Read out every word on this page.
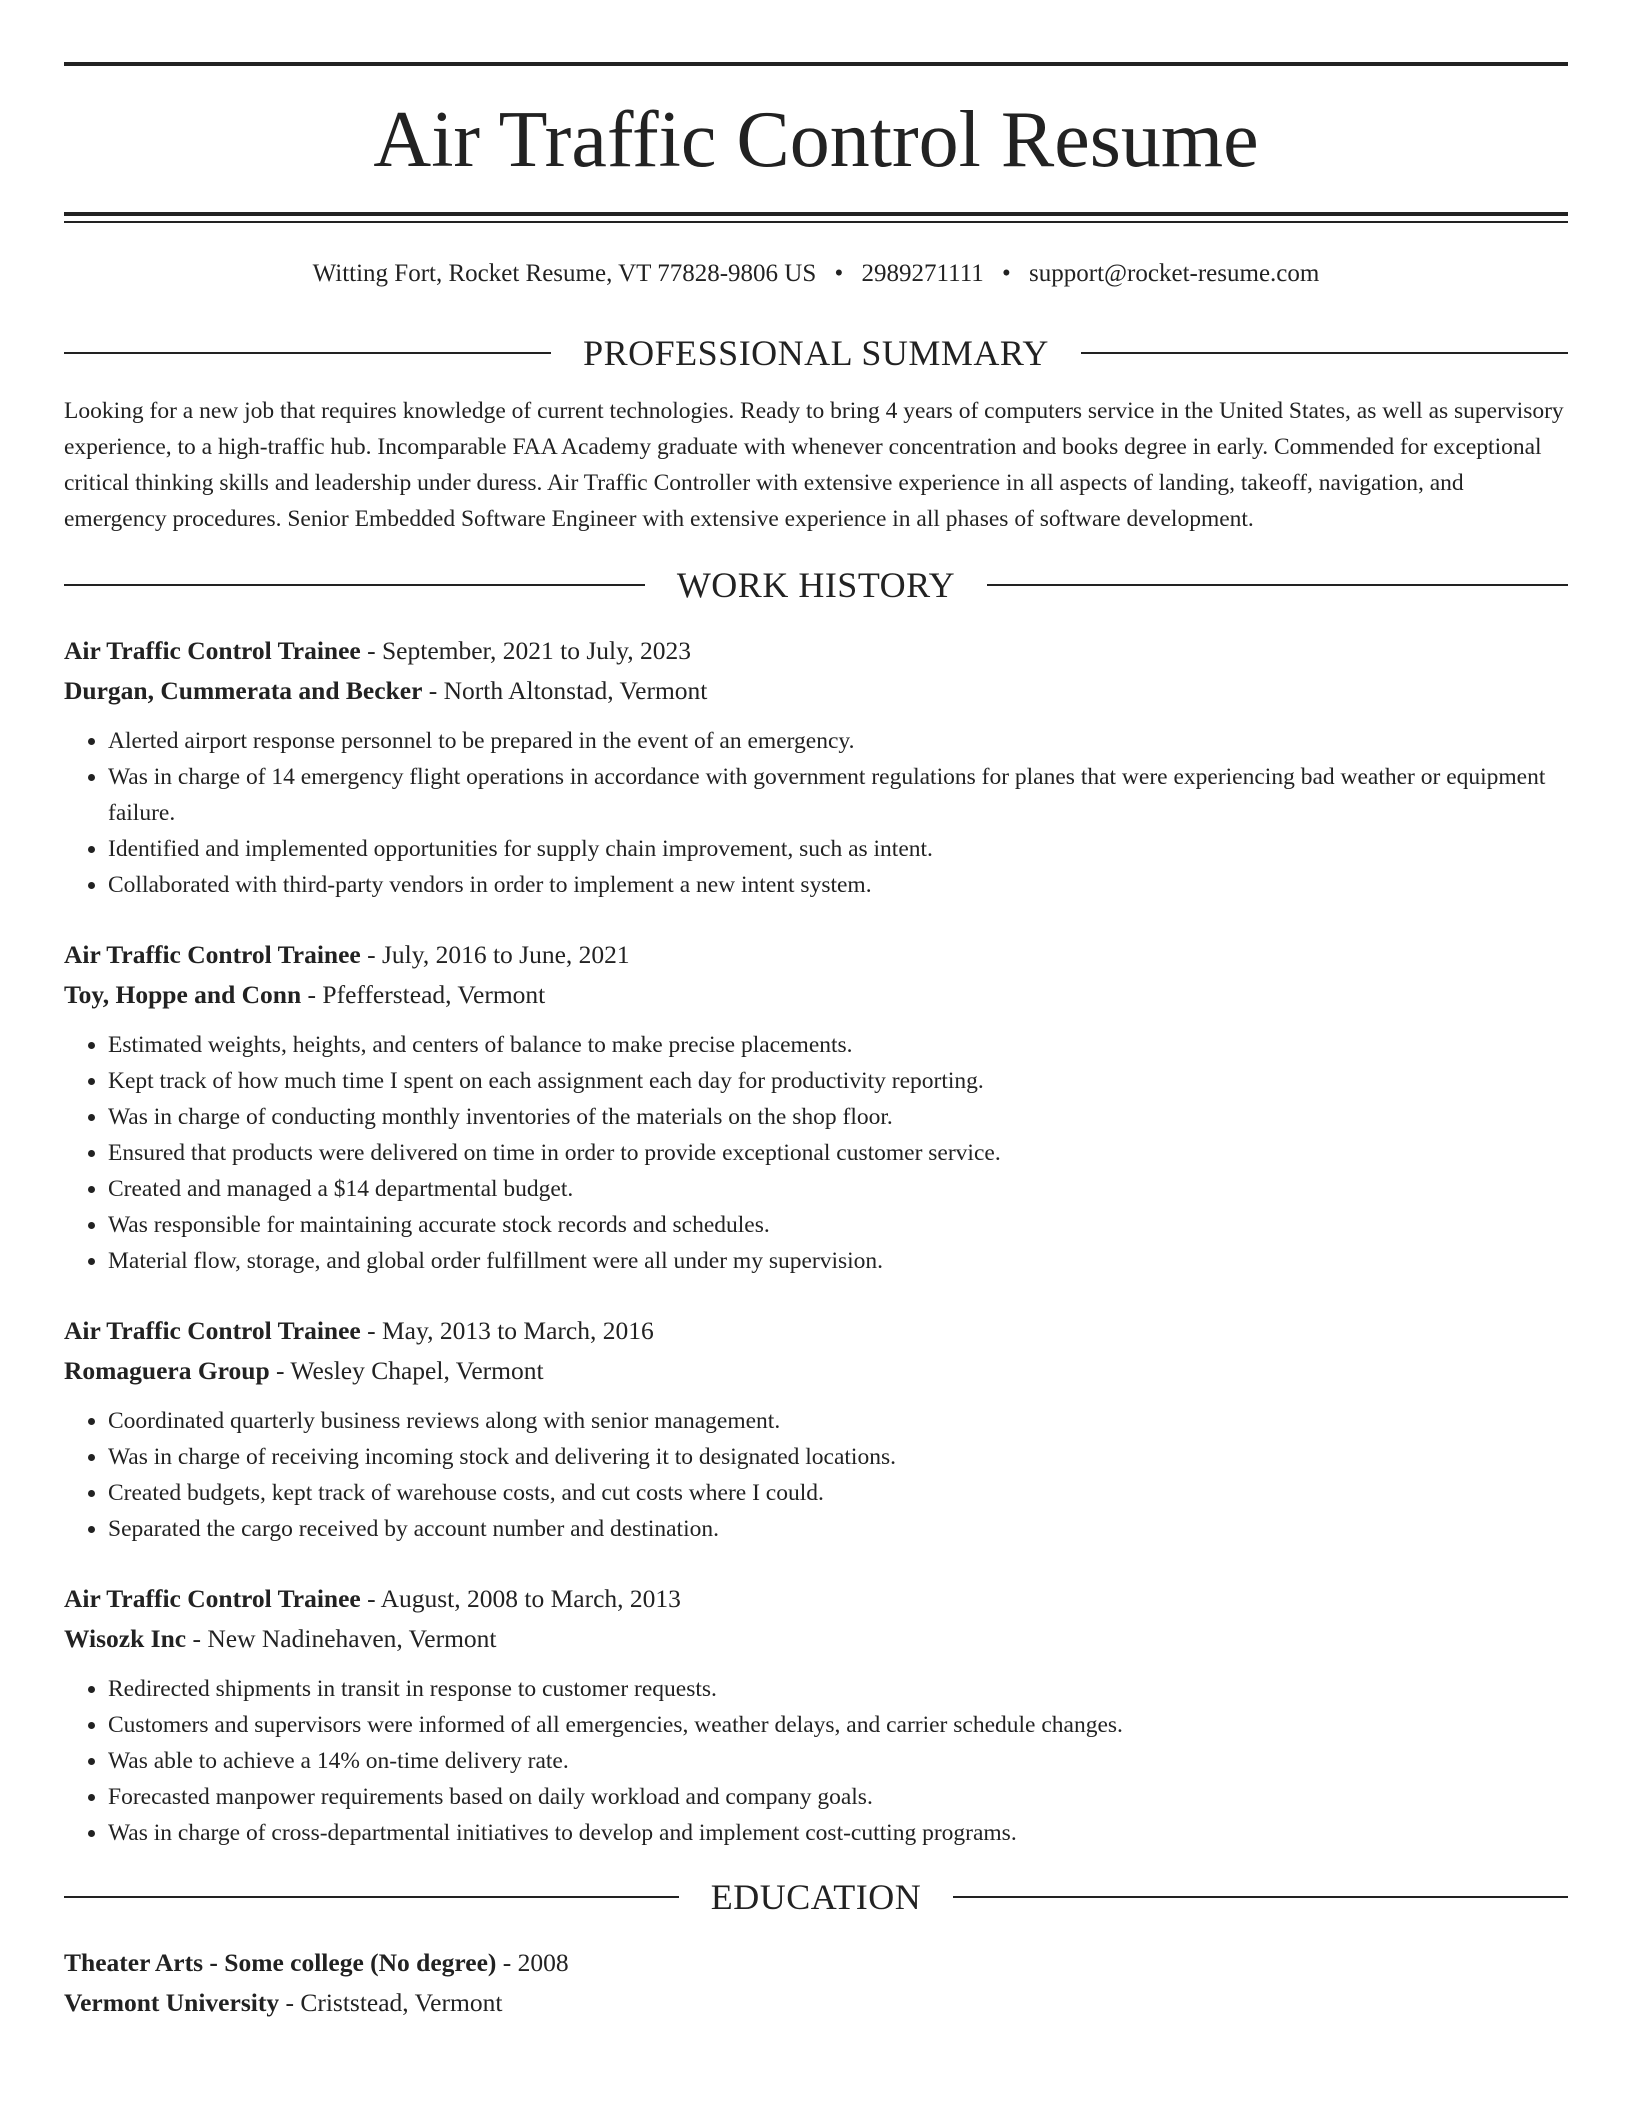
Air Traffic Control Resume
Witting Fort, Rocket Resume, VT 77828-9806 US • 2989271111 • support@rocket-resume.com
PROFESSIONAL SUMMARY

Looking for a new job that requires knowledge of current technologies. Ready to bring 4 years of computers service in the United States, as well as supervisory experience, to a high-traffic hub. Incomparable FAA Academy graduate with whenever concentration and books degree in early. Commended for exceptional critical thinking skills and leadership under duress. Air Traffic Controller with extensive experience in all aspects of landing, takeoff, navigation, and emergency procedures. Senior Embedded Software Engineer with extensive experience in all phases of software development.

WORK HISTORY
Air Traffic Control Trainee - September, 2021 to July, 2023
Durgan, Cummerata and Becker - North Altonstad, Vermont
• Alerted airport response personnel to be prepared in the event of an emergency.
• Was in charge of 14 emergency flight operations in accordance with government regulations for planes that were experiencing bad weather or equipment failure.
• Identified and implemented opportunities for supply chain improvement, such as intent.
• Collaborated with third-party vendors in order to implement a new intent system.
Air Traffic Control Trainee - July, 2016 to June, 2021
Toy, Hoppe and Conn - Pfefferstead, Vermont
• Estimated weights, heights, and centers of balance to make precise placements.
• Kept track of how much time I spent on each assignment each day for productivity reporting.
• Was in charge of conducting monthly inventories of the materials on the shop floor.
• Ensured that products were delivered on time in order to provide exceptional customer service.
• Created and managed a $14 departmental budget.
• Was responsible for maintaining accurate stock records and schedules.
• Material flow, storage, and global order fulfillment were all under my supervision.
Air Traffic Control Trainee - May, 2013 to March, 2016
Romaguera Group - Wesley Chapel, Vermont
• Coordinated quarterly business reviews along with senior management.
• Was in charge of receiving incoming stock and delivering it to designated locations.
• Created budgets, kept track of warehouse costs, and cut costs where I could.
• Separated the cargo received by account number and destination.
Air Traffic Control Trainee - August, 2008 to March, 2013
Wisozk Inc - New Nadinehaven, Vermont
• Redirected shipments in transit in response to customer requests.
• Customers and supervisors were informed of all emergencies, weather delays, and carrier schedule changes.
• Was able to achieve a 14% on-time delivery rate.
• Forecasted manpower requirements based on daily workload and company goals.
• Was in charge of cross-departmental initiatives to develop and implement cost-cutting programs.
EDUCATION
Theater Arts - Some college (No degree) - 2008
Vermont University - Criststead, Vermont
